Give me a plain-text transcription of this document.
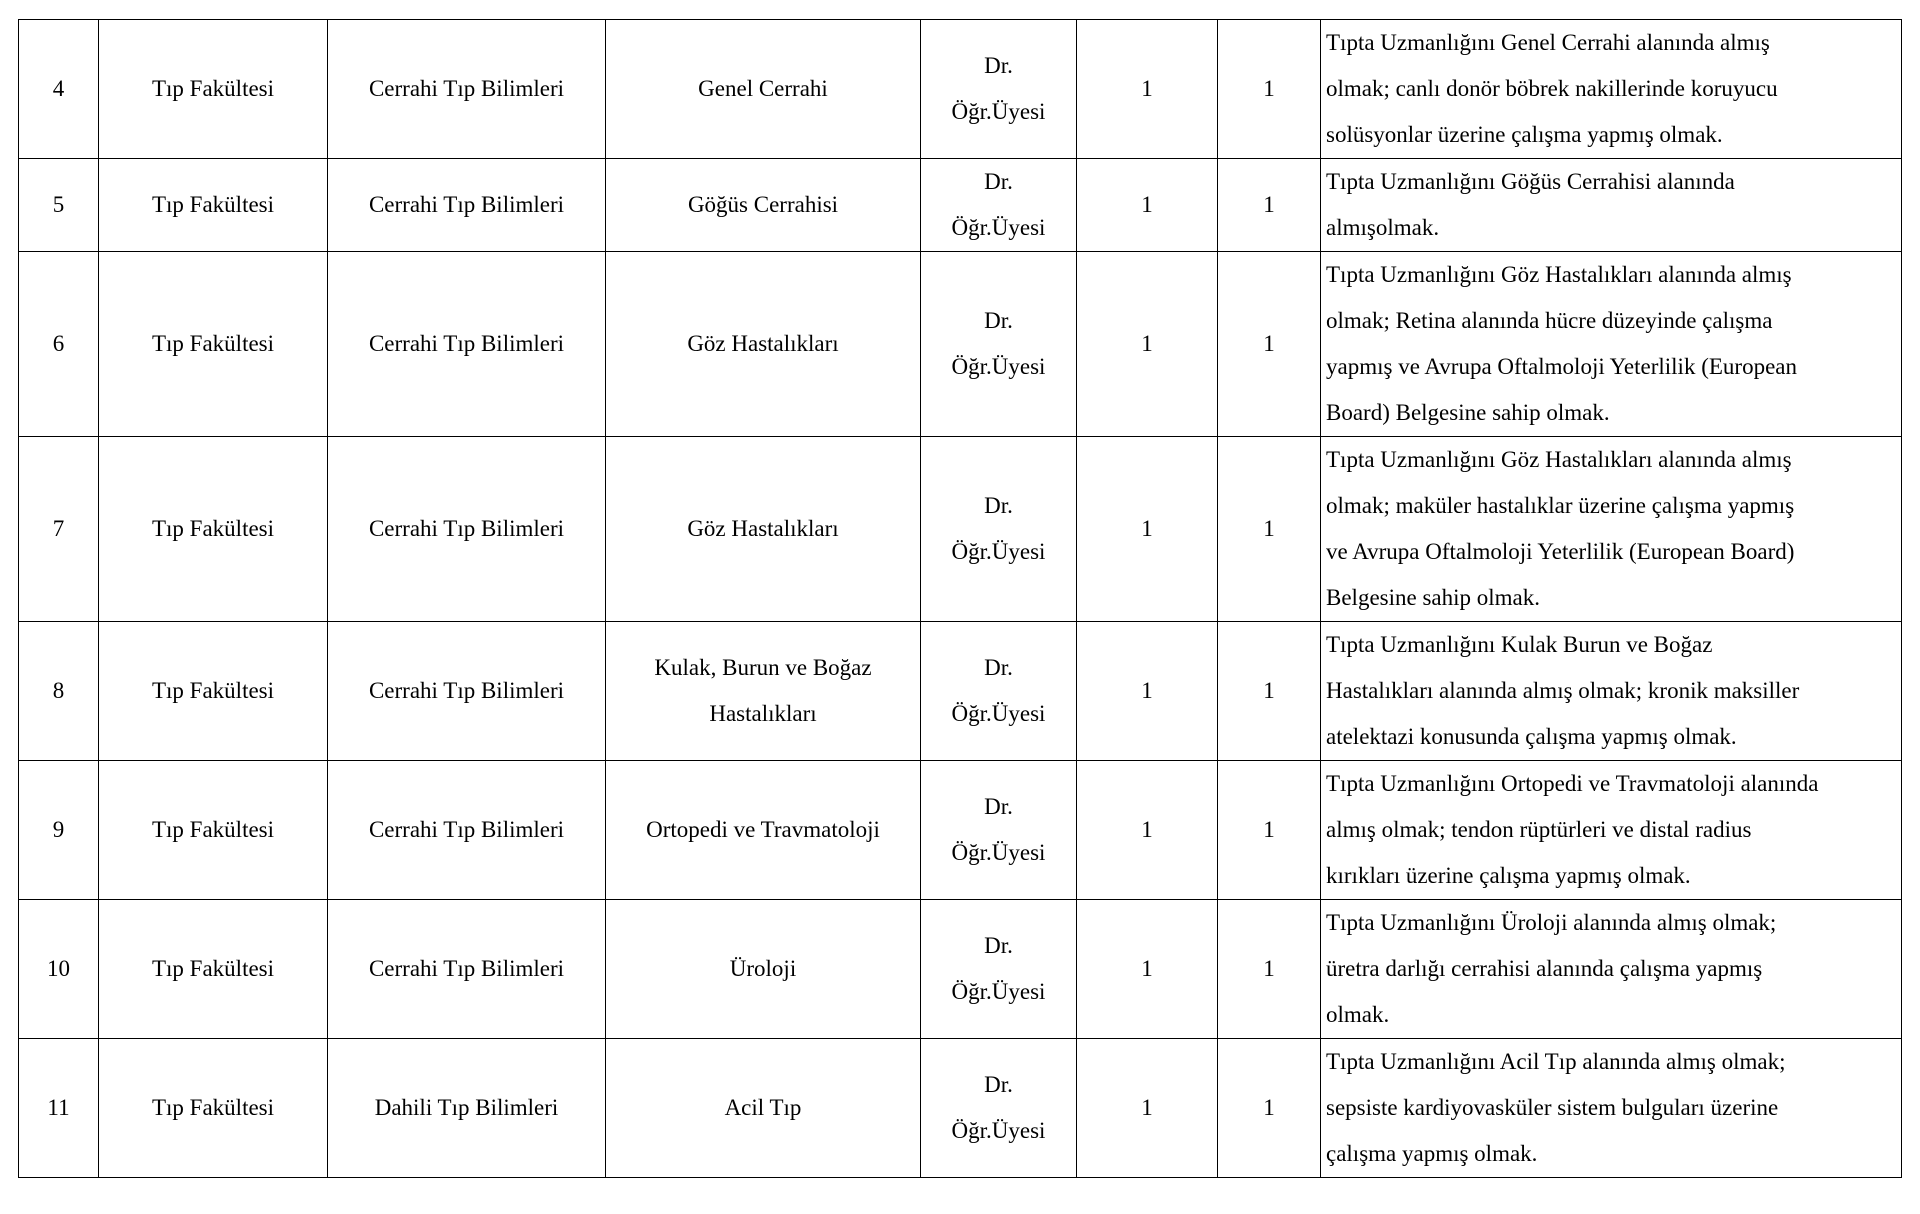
4	Tıp Fakültesi	Cerrahi Tıp Bilimleri	Genel Cerrahi	Dr.
Öğr.Üyesi	1	1	Tıpta Uzmanlığını Genel Cerrahi alanında almış
olmak; canlı donör böbrek nakillerinde koruyucu
solüsyonlar üzerine çalışma yapmış olmak.

5	Tıp Fakültesi	Cerrahi Tıp Bilimleri	Göğüs Cerrahisi	Dr.
Öğr.Üyesi	1	1	Tıpta Uzmanlığını Göğüs Cerrahisi alanında
almışolmak.

6	Tıp Fakültesi	Cerrahi Tıp Bilimleri	Göz Hastalıkları	Dr.
Öğr.Üyesi	1	1	Tıpta Uzmanlığını Göz Hastalıkları alanında almış
olmak; Retina alanında hücre düzeyinde çalışma
yapmış ve Avrupa Oftalmoloji Yeterlilik (European
Board) Belgesine sahip olmak.

7	Tıp Fakültesi	Cerrahi Tıp Bilimleri	Göz Hastalıkları	Dr.
Öğr.Üyesi	1	1	Tıpta Uzmanlığını Göz Hastalıkları alanında almış
olmak; maküler hastalıklar üzerine çalışma yapmış
ve Avrupa Oftalmoloji Yeterlilik (European Board)
Belgesine sahip olmak.

8	Tıp Fakültesi	Cerrahi Tıp Bilimleri	Kulak, Burun ve Boğaz
Hastalıkları	Dr.
Öğr.Üyesi	1	1	Tıpta Uzmanlığını Kulak Burun ve Boğaz
Hastalıkları alanında almış olmak; kronik maksiller
atelektazi konusunda çalışma yapmış olmak.

9	Tıp Fakültesi	Cerrahi Tıp Bilimleri	Ortopedi ve Travmatoloji	Dr.
Öğr.Üyesi	1	1	Tıpta Uzmanlığını Ortopedi ve Travmatoloji alanında
almış olmak; tendon rüptürleri ve distal radius
kırıkları üzerine çalışma yapmış olmak.

10	Tıp Fakültesi	Cerrahi Tıp Bilimleri	Üroloji	Dr.
Öğr.Üyesi	1	1	Tıpta Uzmanlığını Üroloji alanında almış olmak;
üretra darlığı cerrahisi alanında çalışma yapmış
olmak.

11	Tıp Fakültesi	Dahili Tıp Bilimleri	Acil Tıp	Dr.
Öğr.Üyesi	1	1	Tıpta Uzmanlığını Acil Tıp alanında almış olmak;
sepsiste kardiyovasküler sistem bulguları üzerine
çalışma yapmış olmak.
